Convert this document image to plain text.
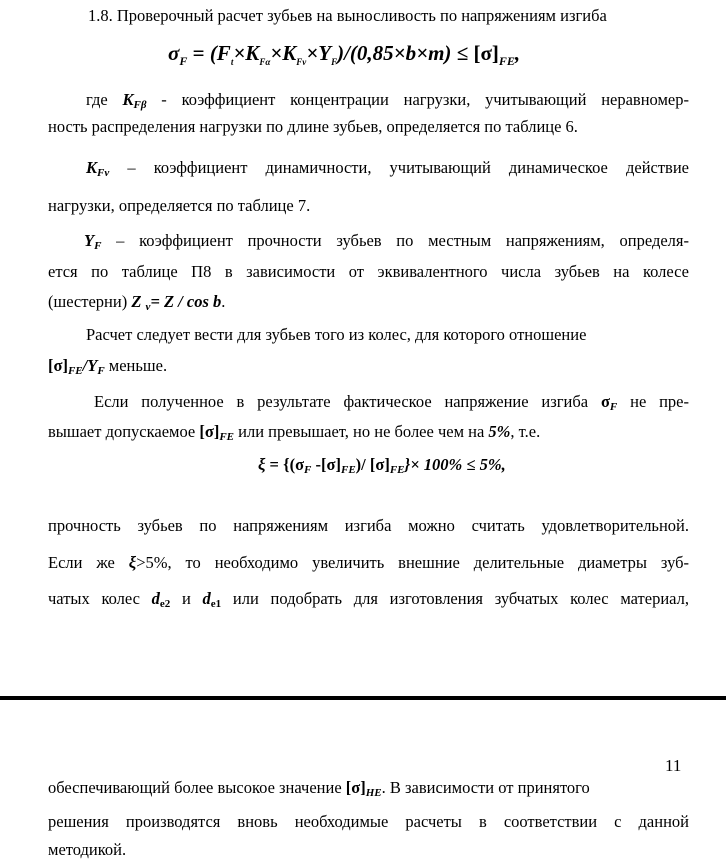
1.8. Проверочный расчет зубьев на выносливость по напряжениям изгиба
$\sigma_F = (F_t\times K_{F\alpha}\times K_{Fv}\times Y_F)/(0,85\times b\times m) \le [\sigma]_{FE}$,
где $K_{F\beta}$ - коэффициент концентрации нагрузки, учитывающий неравномер-
ность распределения нагрузки по длине зубьев, определяется по таблице 6.
$K_{Fv}$ – коэффициент динамичности, учитывающий динамическое действие
нагрузки, определяется по таблице 7.
$Y_F$ – коэффициент прочности зубьев по местным напряжениям, определя-
ется по таблице П8 в зависимости от эквивалентного числа зубьев на колесе
(шестерни) Z $_v$= Z / cos b.
Расчет следует вести для зубьев того из колес, для которого отношение
$[\sigma]_{FE}/Y_F$ меньше.
Если полученное в результате фактическое напряжение изгиба $\sigma_F$ не пре-
вышает допускаемое $[\sigma]_{FE}$ или превышает, но не более чем на 5%, т.е.
$\xi = \{(\sigma_F$ $-[\sigma]_{FE})/$ $[\sigma]_{FE}\}\times 100\% \le 5\%$,
прочность зубьев по напряжениям изгиба можно считать удовлетворительной.
Если же ξ>5%, то необходимо увеличить внешние делительные диаметры зуб-
чатых колес $d_{e2}$ и $d_{e1}$ или подобрать для изготовления зубчатых колес материал,
11
обеспечивающий более высокое значение $[\sigma]_{HE}$. В зависимости от принятого
решения производятся вновь необходимые расчеты в соответствии с данной
методикой.
